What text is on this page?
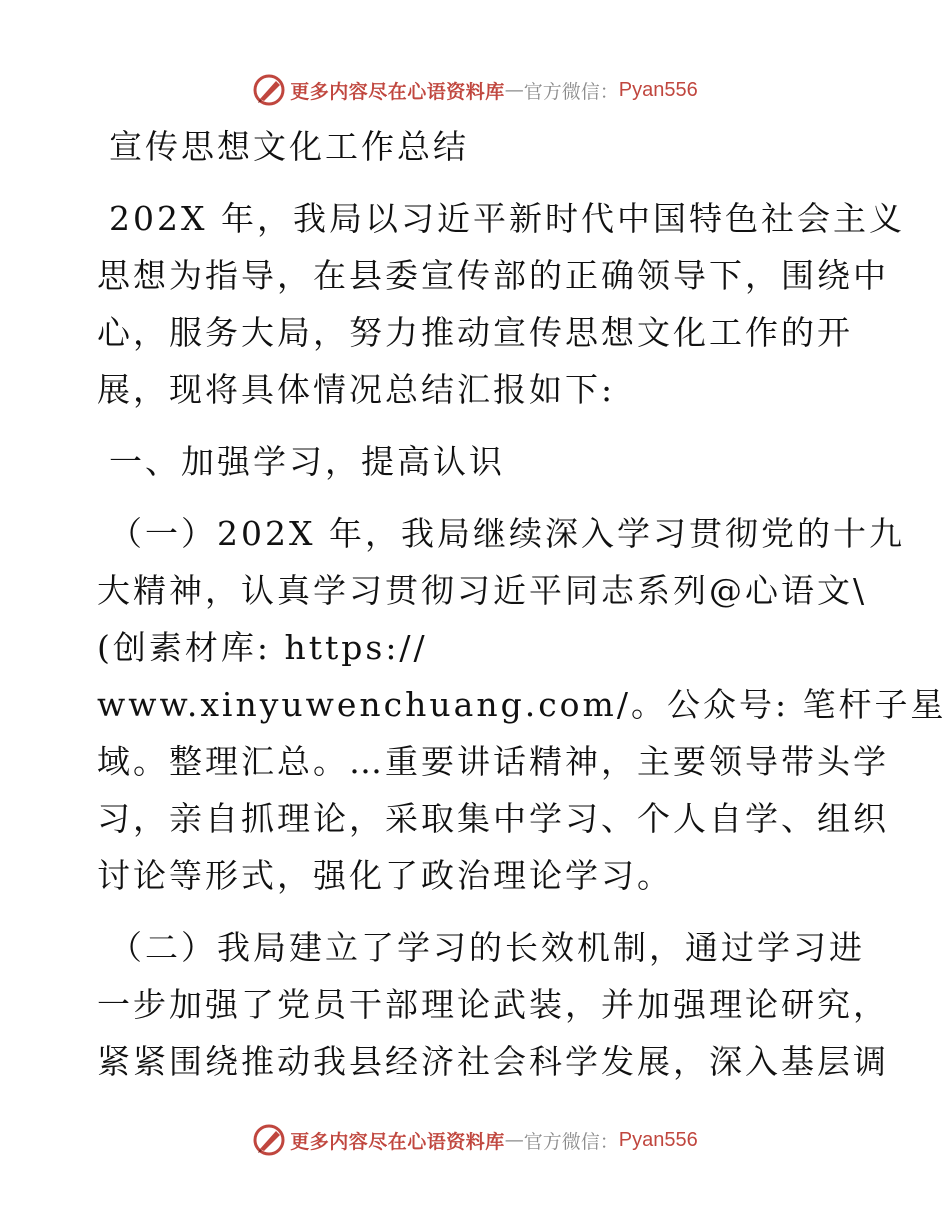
更多内容尽在心语资料库 — 官方微信： Pyan556

宣传思想文化工作总结

202X 年，我局以习近平新时代中国特色社会主义

思想为指导，在县委宣传部的正确领导下，围绕中

心，服务大局，努力推动宣传思想文化工作的开

展，现将具体情况总结汇报如下:

一、加强学习，提高认识

（一）202X 年，我局继续深入学习贯彻党的十九

大精神，认真学习贯彻习近平同志系列@心语文\

(创素材库: https://

www.xinyuwenchuang.com/。公众号: 笔杆子星

域。整理汇总。…重要讲话精神，主要领导带头学

习，亲自抓理论，采取集中学习、个人自学、组织

讨论等形式，强化了政治理论学习。

（二）我局建立了学习的长效机制，通过学习进

一步加强了党员干部理论武装，并加强理论研究，

紧紧围绕推动我县经济社会科学发展，深入基层调

更多内容尽在心语资料库 — 官方微信： Pyan556
